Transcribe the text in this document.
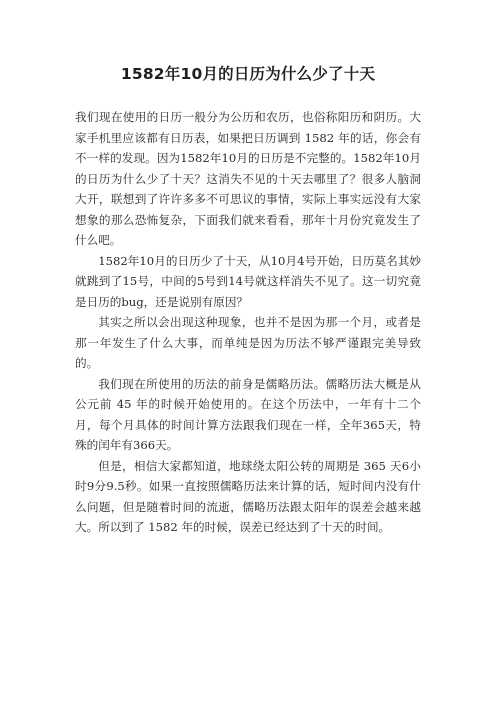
1582年10月的日历为什么少了十天

我们现在使用的日历一般分为公历和农历，也俗称阳历和阴历。大家手机里应该都有日历表，如果把日历调到 1582 年的话，你会有不一样的发现。因为1582年10月的日历是不完整的。1582年10月的日历为什么少了十天？这消失不见的十天去哪里了？很多人脑洞大开，联想到了许许多多不可思议的事情，实际上事实远没有大家想象的那么恐怖复杂，下面我们就来看看，那年十月份究竟发生了什么吧。

1582年10月的日历少了十天，从10月4号开始，日历莫名其妙就跳到了15号，中间的5号到14号就这样消失不见了。这一切究竟是日历的bug，还是说别有原因？

其实之所以会出现这种现象，也并不是因为那一个月，或者是那一年发生了什么大事，而单纯是因为历法不够严谨跟完美导致的。

我们现在所使用的历法的前身是儒略历法。儒略历法大概是从公元前 45 年的时候开始使用的。在这个历法中，一年有十二个月，每个月具体的时间计算方法跟我们现在一样，全年365天，特殊的闰年有366天。

但是，相信大家都知道，地球绕太阳公转的周期是 365 天6小时9分9.5秒。如果一直按照儒略历法来计算的话，短时间内没有什么问题，但是随着时间的流逝，儒略历法跟太阳年的误差会越来越大。所以到了 1582 年的时候，误差已经达到了十天的时间。
